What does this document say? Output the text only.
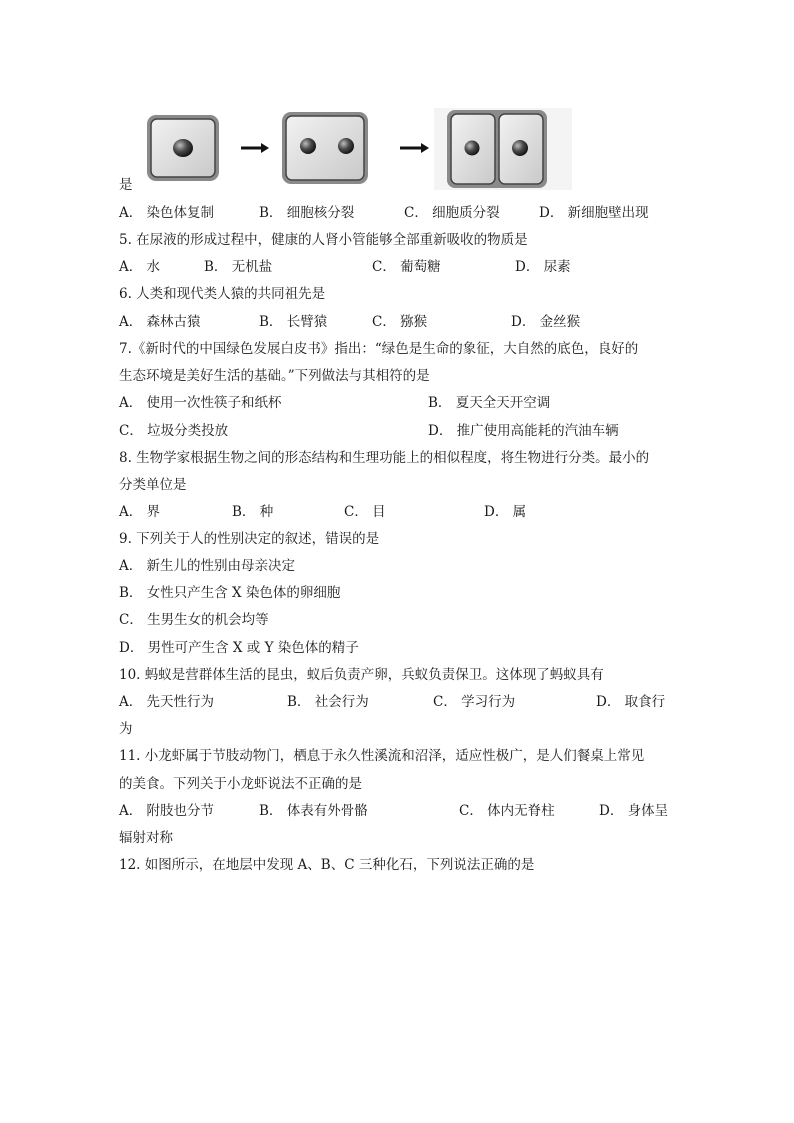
是
A． 染色体复制	B． 细胞核分裂	C． 细胞质分裂	D． 新细胞壁出现
5. 在尿液的形成过程中，健康的人肾小管能够全部重新吸收的物质是
A． 水	B． 无机盐	C． 葡萄糖	D． 尿素
6. 人类和现代类人猿的共同祖先是
A． 森林古猿	B． 长臂猿	C． 猕猴	D． 金丝猴
7.《新时代的中国绿色发展白皮书》指出：“绿色是生命的象征，大自然的底色，良好的
生态环境是美好生活的基础。”下列做法与其相符的是
A． 使用一次性筷子和纸杯	B． 夏天全天开空调
C． 垃圾分类投放	D． 推广使用高能耗的汽油车辆
8. 生物学家根据生物之间的形态结构和生理功能上的相似程度，将生物进行分类。最小的
分类单位是
A． 界	B． 种	C． 目	D． 属
9. 下列关于人的性别决定的叙述，错误的是
A． 新生儿的性别由母亲决定
B． 女性只产生含 X 染色体的卵细胞
C． 生男生女的机会均等
D． 男性可产生含 X 或 Y 染色体的精子
10. 蚂蚁是营群体生活的昆虫，蚁后负责产卵，兵蚁负责保卫。这体现了蚂蚁具有
A． 先天性行为	B． 社会行为	C． 学习行为	D． 取食行
为
11. 小龙虾属于节肢动物门，栖息于永久性溪流和沼泽，适应性极广，是人们餐桌上常见
的美食。下列关于小龙虾说法不正确的是
A． 附肢也分节	B． 体表有外骨骼	C． 体内无脊柱	D． 身体呈
辐射对称
12. 如图所示，在地层中发现 A、B、C 三种化石，下列说法正确的是
